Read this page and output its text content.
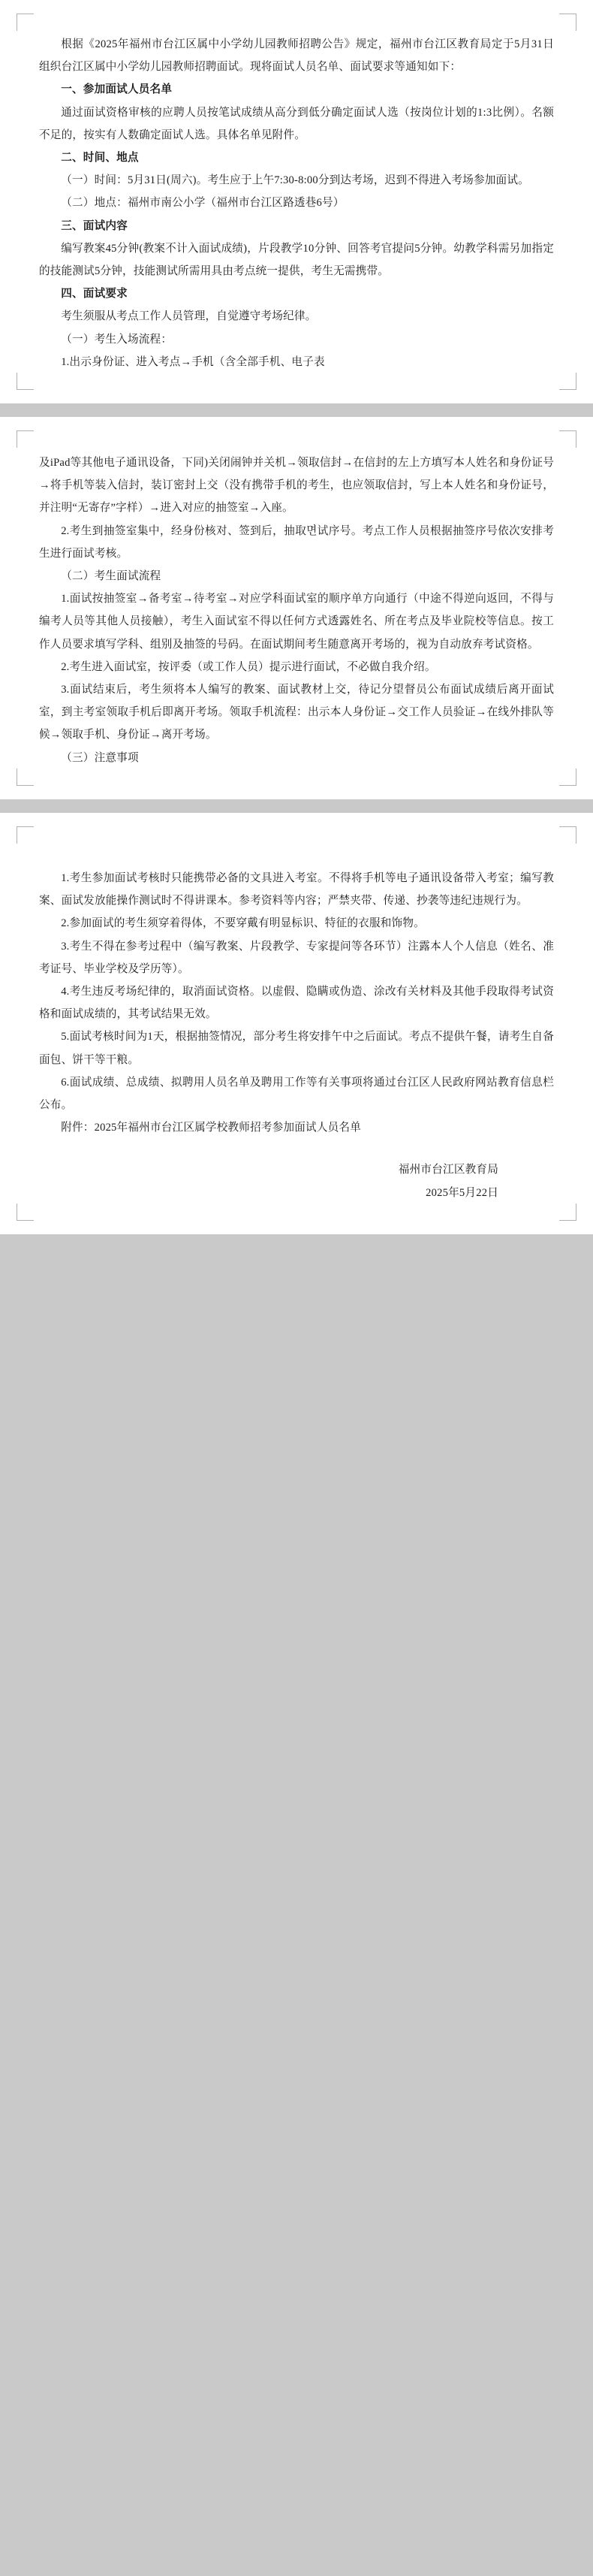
根据《2025年福州市台江区属中小学幼儿园教师招聘公告》规定，福州市台江区教育局定于5月31日组织台江区属中小学幼儿园教师招聘面试。现将面试人员名单、面试要求等通知如下：

一、参加面试人员名单

通过面试资格审核的应聘人员按笔试成绩从高分到低分确定面试人选（按岗位计划的1:3比例）。名额不足的，按实有人数确定面试人选。具体名单见附件。

二、时间、地点

（一）时间：5月31日(周六)。考生应于上午7:30-8:00分到达考场，迟到不得进入考场参加面试。

（二）地点：福州市南公小学（福州市台江区路透巷6号）

三、面试内容

编写教案45分钟(教案不计入面试成绩)，片段教学10分钟、回答考官提问5分钟。幼教学科需另加指定的技能测试5分钟，技能测试所需用具由考点统一提供，考生无需携带。

四、面试要求

考生须服从考点工作人员管理，自觉遵守考场纪律。

（一）考生入场流程：

1.出示身份证、进入考点→手机（含全部手机、电子表

及iPad等其他电子通讯设备，下同)关闭闹钟并关机→领取信封→在信封的左上方填写本人姓名和身份证号→将手机等装入信封，装订密封上交（没有携带手机的考生，也应领取信封，写上本人姓名和身份证号，并注明“无寄存”字样）→进入对应的抽签室→入座。

2.考生到抽签室集中，经身份核对、签到后，抽取면试序号。考点工作人员根据抽签序号依次安排考生进行面试考核。

（二）考生面试流程

1.面试按抽签室→备考室→待考室→对应学科面试室的顺序单方向通行（中途不得逆向返回，不得与编考人员等其他人员接触），考生入面试室不得以任何方式透露姓名、所在考点及毕业院校等信息。按工作人员要求填写学科、组别及抽签的号码。在面试期间考生随意离开考场的，视为自动放弃考试资格。

2.考生进入面试室，按评委（或工作人员）提示进行面试，不必做自我介绍。

3.面试结束后，考生须将本人编写的教案、面试教材上交，待记分望督员公布面试成绩后离开面试室，到主考室领取手机后即离开考场。领取手机流程：出示本人身份证→交工作人员验证→在线外排队等候→领取手机、身份证→离开考场。

（三）注意事项

1.考生参加面试考核时只能携带必备的文具进入考室。不得将手机等电子通讯设备带入考室；编写教案、面试发放能操作测试时不得讲课本。参考资料等内容；严禁夹带、传递、抄袭等违纪违规行为。

2.参加面试的考生须穿着得体，不要穿戴有明显标识、特征的衣服和饰物。

3.考生不得在参考过程中（编写教案、片段教学、专家提问等各环节）注露本人个人信息（姓名、准考证号、毕业学校及学历等）。

4.考生违反考场纪律的，取消面试资格。以虚假、隐瞒或伪造、涂改有关材料及其他手段取得考试资格和面试成绩的，其考试结果无效。

5.面试考核时间为1天，根据抽签情况，部分考生将安排午中之后面试。考点不提供午餐，请考生自备面包、饼干等干粮。

6.面试成绩、总成绩、拟聘用人员名单及聘用工作等有关事项将通过台江区人民政府网站教育信息栏公布。

附件：2025年福州市台江区属学校教师招考参加面试人员名单

福州市台江区教育局

2025年5月22日
